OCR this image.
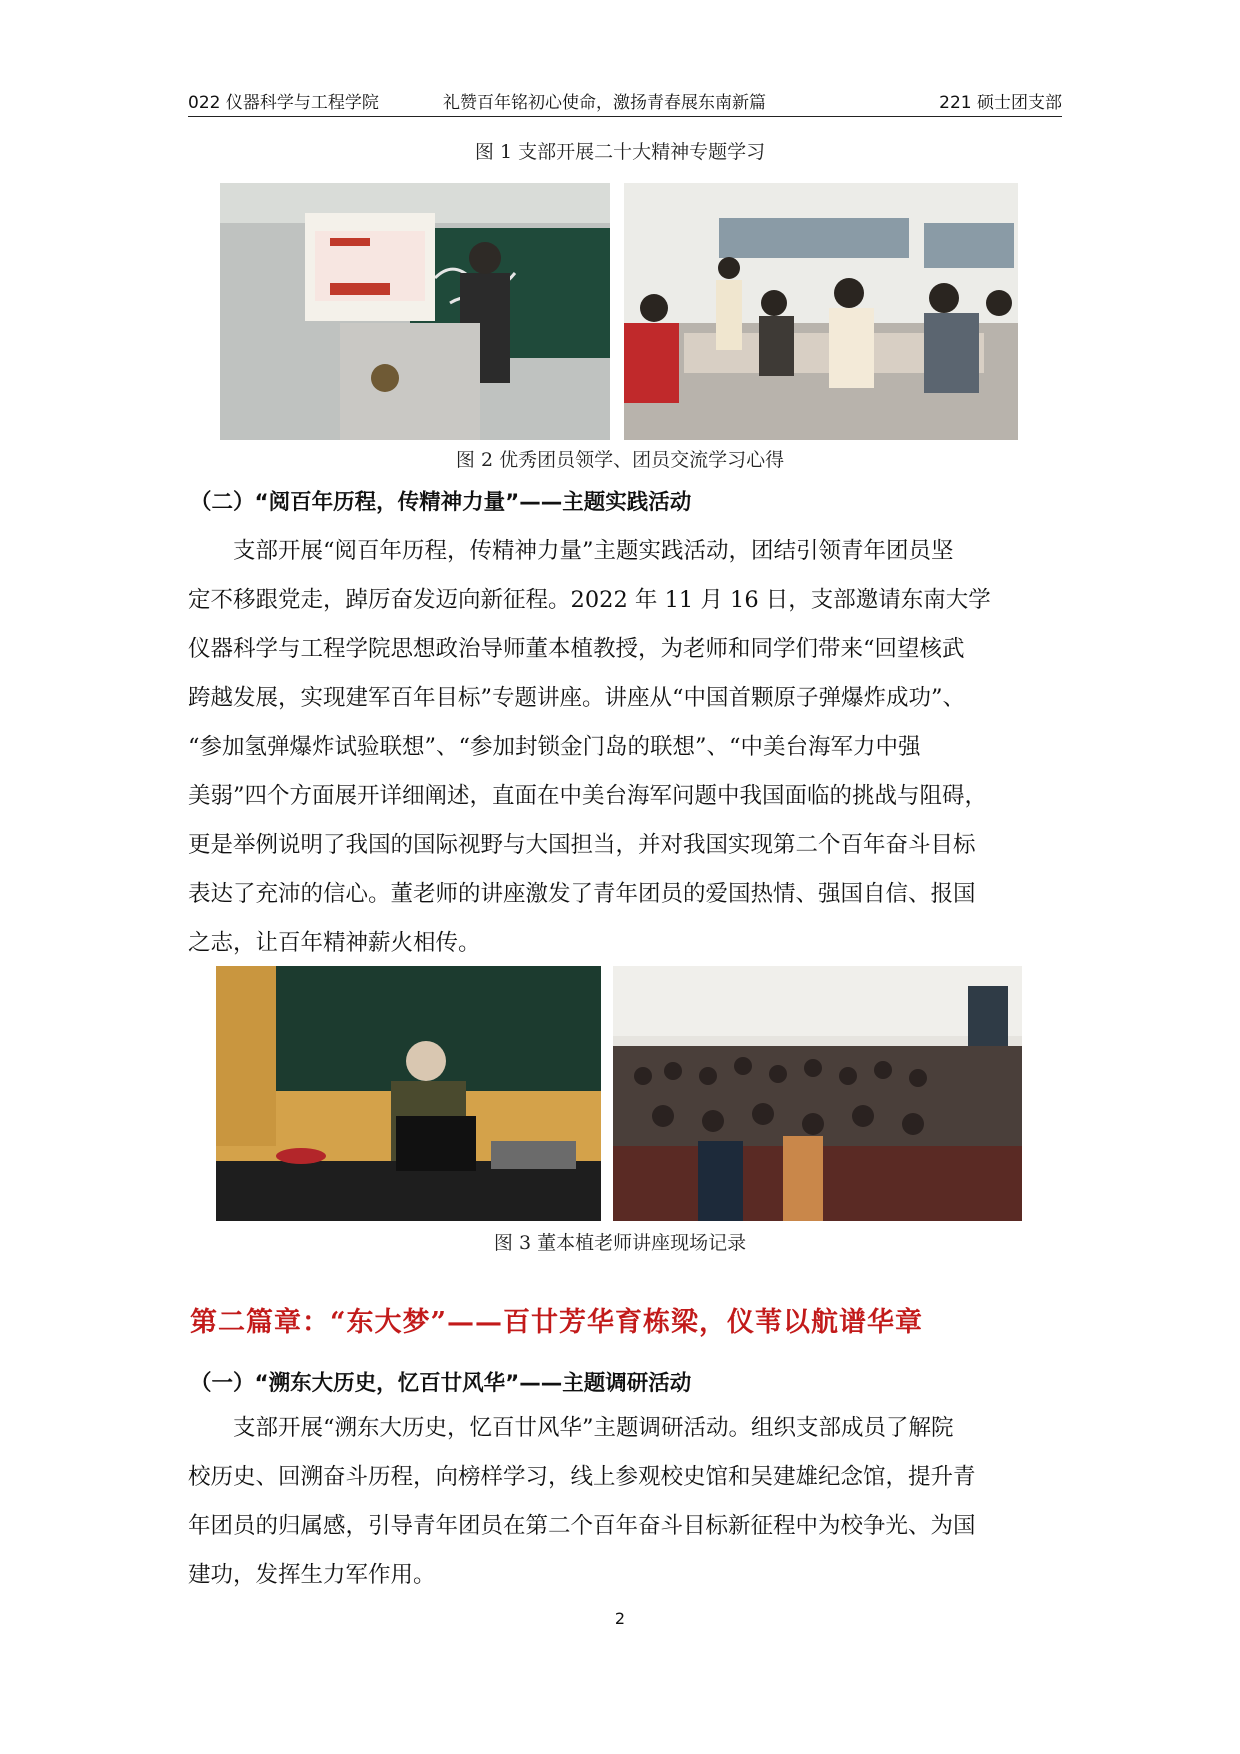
022 仪器科学与工程学院	礼赞百年铭初心使命，激扬青春展东南新篇	221 硕士团支部
图 1 支部开展二十大精神专题学习
图 2 优秀团员领学、团员交流学习心得
（二）“阅百年历程，传精神力量”——主题实践活动
支部开展“阅百年历程，传精神力量”主题实践活动，团结引领青年团员坚
定不移跟党走，踔厉奋发迈向新征程。2022 年 11 月 16 日，支部邀请东南大学
仪器科学与工程学院思想政治导师董本植教授，为老师和同学们带来“回望核武
跨越发展，实现建军百年目标”专题讲座。讲座从“中国首颗原子弹爆炸成功”、
“参加氢弹爆炸试验联想”、“参加封锁金门岛的联想”、“中美台海军力中强
美弱”四个方面展开详细阐述，直面在中美台海军问题中我国面临的挑战与阻碍，
更是举例说明了我国的国际视野与大国担当，并对我国实现第二个百年奋斗目标
表达了充沛的信心。董老师的讲座激发了青年团员的爱国热情、强国自信、报国
之志，让百年精神薪火相传。
图 3 董本植老师讲座现场记录
第二篇章：“东大梦”——百廿芳华育栋梁，仪苇以航谱华章
（一）“溯东大历史，忆百廿风华”——主题调研活动
支部开展“溯东大历史，忆百廿风华”主题调研活动。组织支部成员了解院
校历史、回溯奋斗历程，向榜样学习，线上参观校史馆和吴建雄纪念馆，提升青
年团员的归属感，引导青年团员在第二个百年奋斗目标新征程中为校争光、为国
建功，发挥生力军作用。
2
